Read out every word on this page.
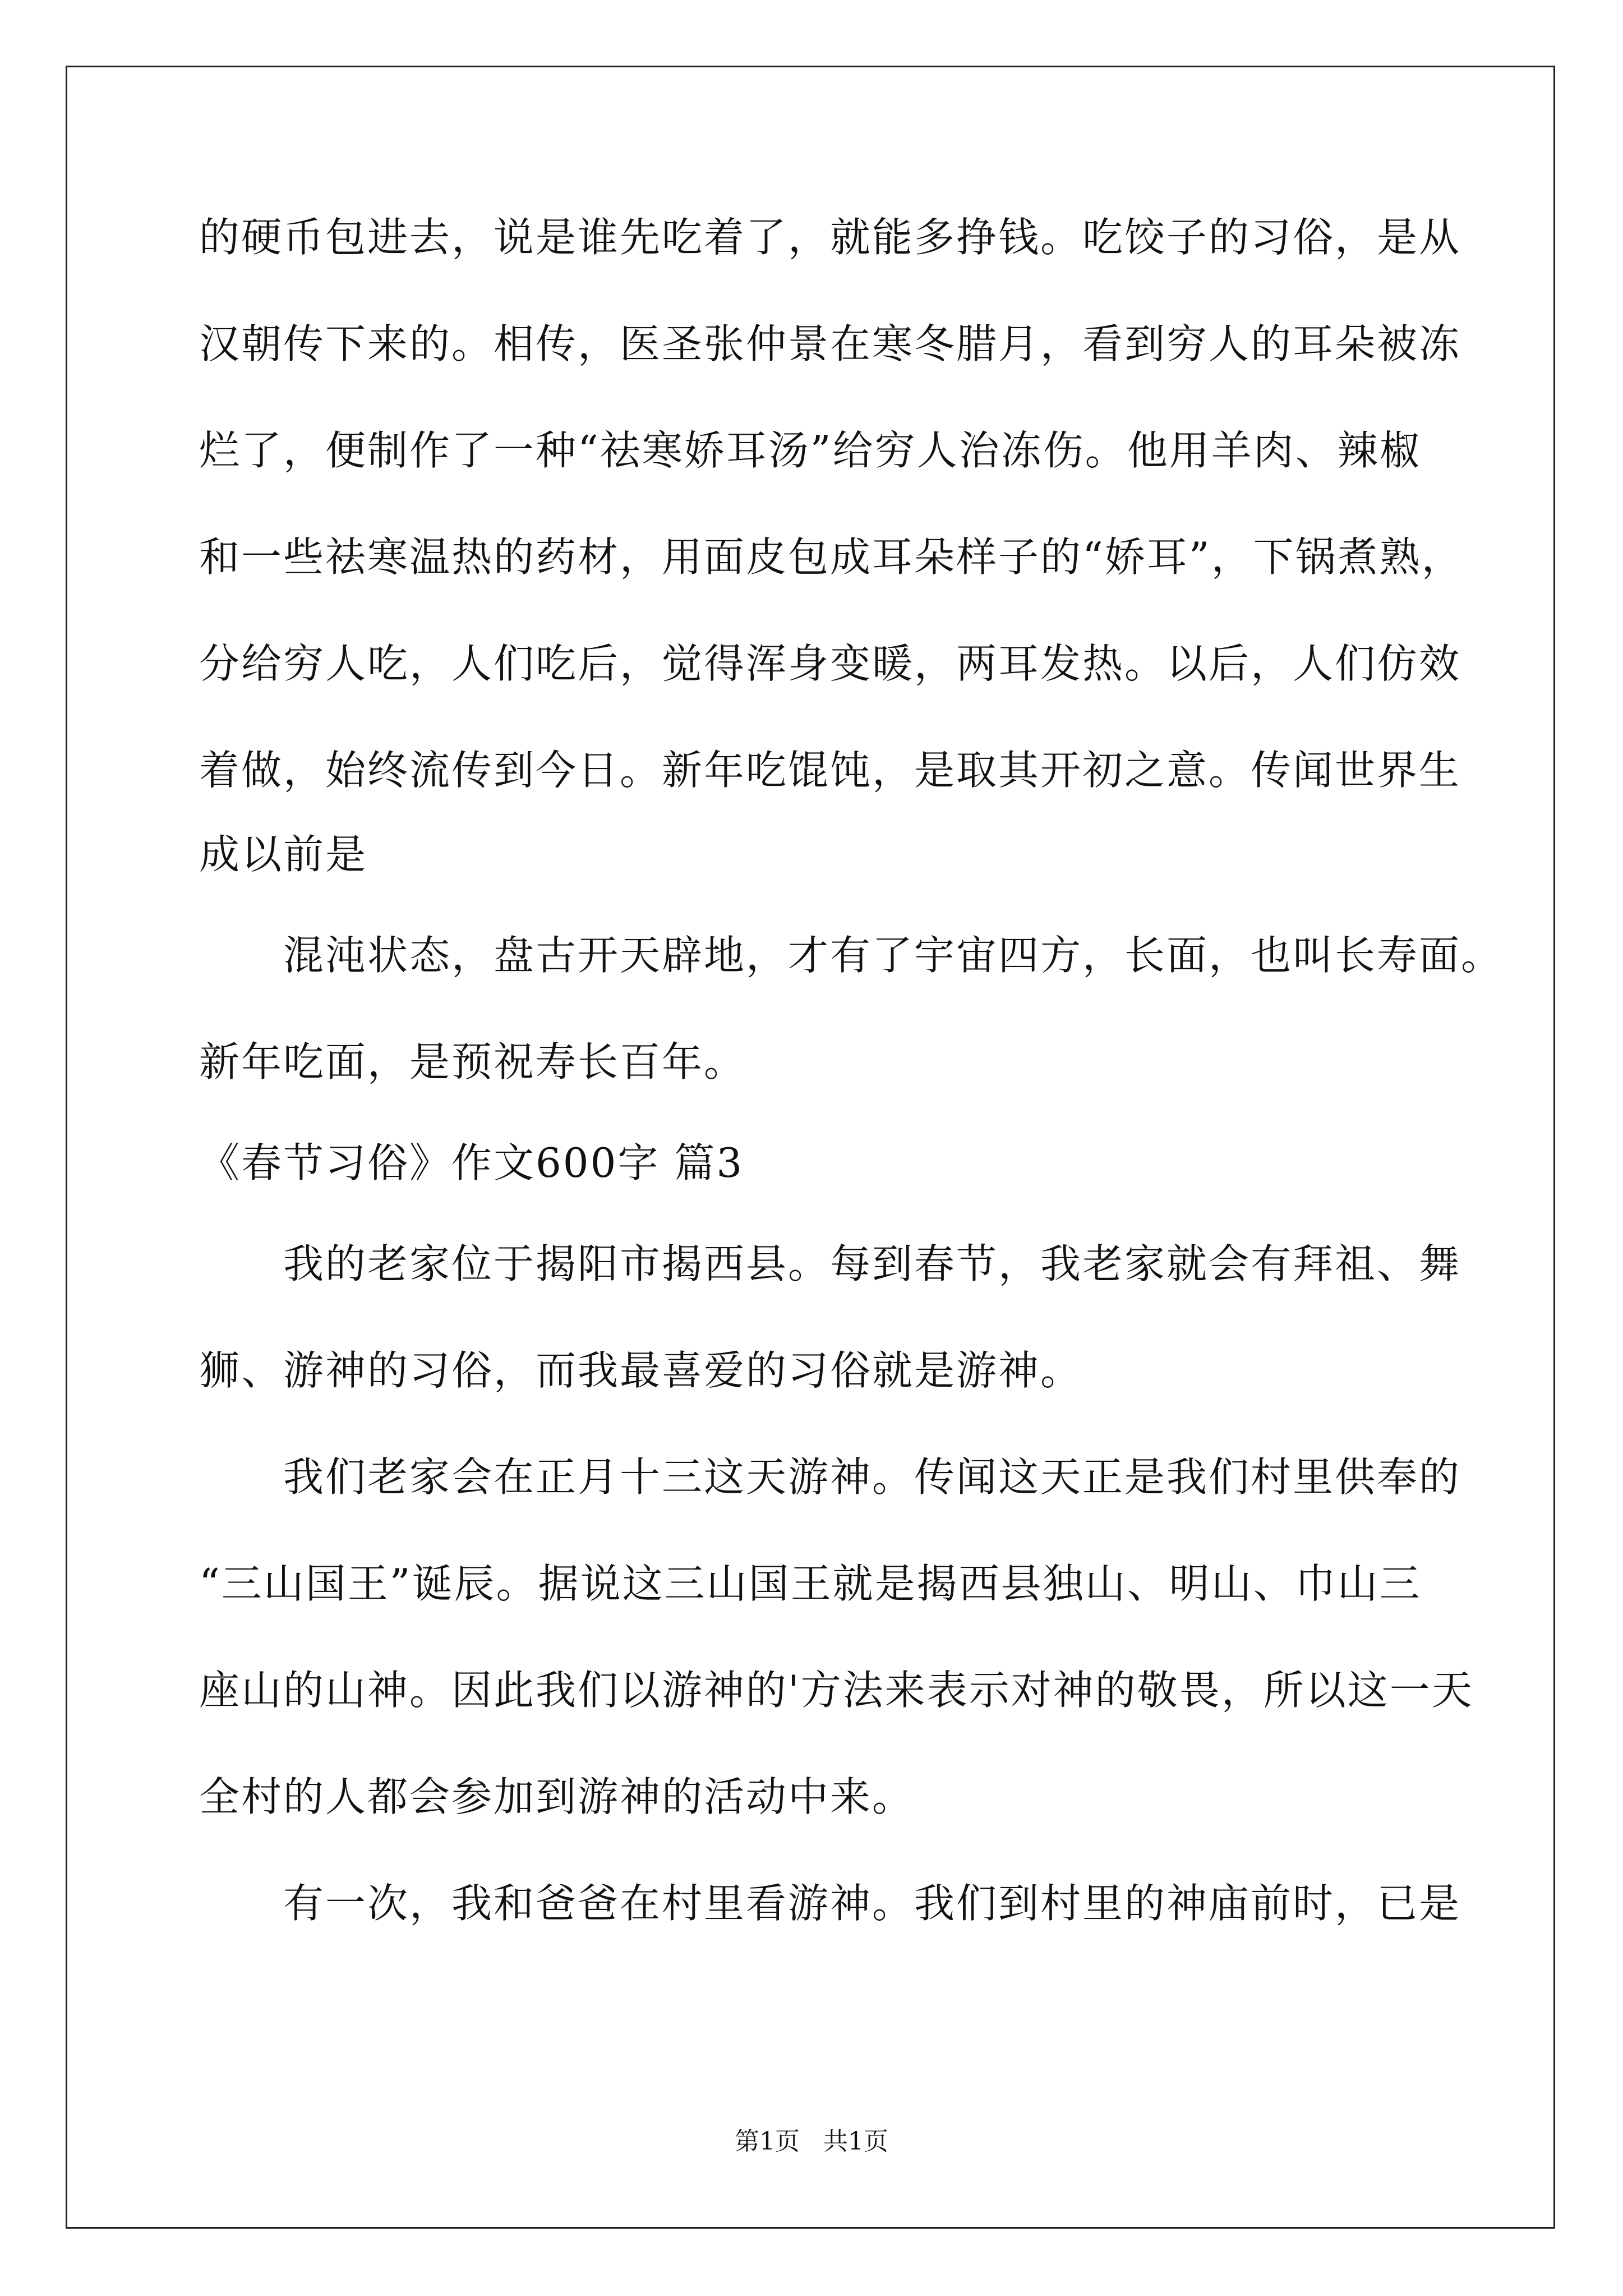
的硬币包进去，说是谁先吃着了，就能多挣钱。吃饺子的习俗，是从
汉朝传下来的。相传，医圣张仲景在寒冬腊月，看到穷人的耳朵被冻
烂了，便制作了一种“祛寒娇耳汤”给穷人治冻伤。他用羊肉、辣椒
和一些祛寒温热的药材，用面皮包成耳朵样子的“娇耳”，下锅煮熟，
分给穷人吃，人们吃后，觉得浑身变暖，两耳发热。以后，人们仿效
着做，始终流传到今日。新年吃馄饨，是取其开初之意。传闻世界生
成以前是
　　混沌状态，盘古开天辟地，才有了宇宙四方，长面，也叫长寿面。
新年吃面，是预祝寿长百年。
《春节习俗》作文600字 篇3
　　我的老家位于揭阳市揭西县。每到春节，我老家就会有拜祖、舞
狮、游神的习俗，而我最喜爱的习俗就是游神。
　　我们老家会在正月十三这天游神。传闻这天正是我们村里供奉的
“三山国王”诞辰。据说这三山国王就是揭西县独山、明山、巾山三
座山的山神。因此我们以游神的'方法来表示对神的敬畏，所以这一天
全村的人都会参加到游神的活动中来。
　　有一次，我和爸爸在村里看游神。我们到村里的神庙前时，已是
第1页 共1页
